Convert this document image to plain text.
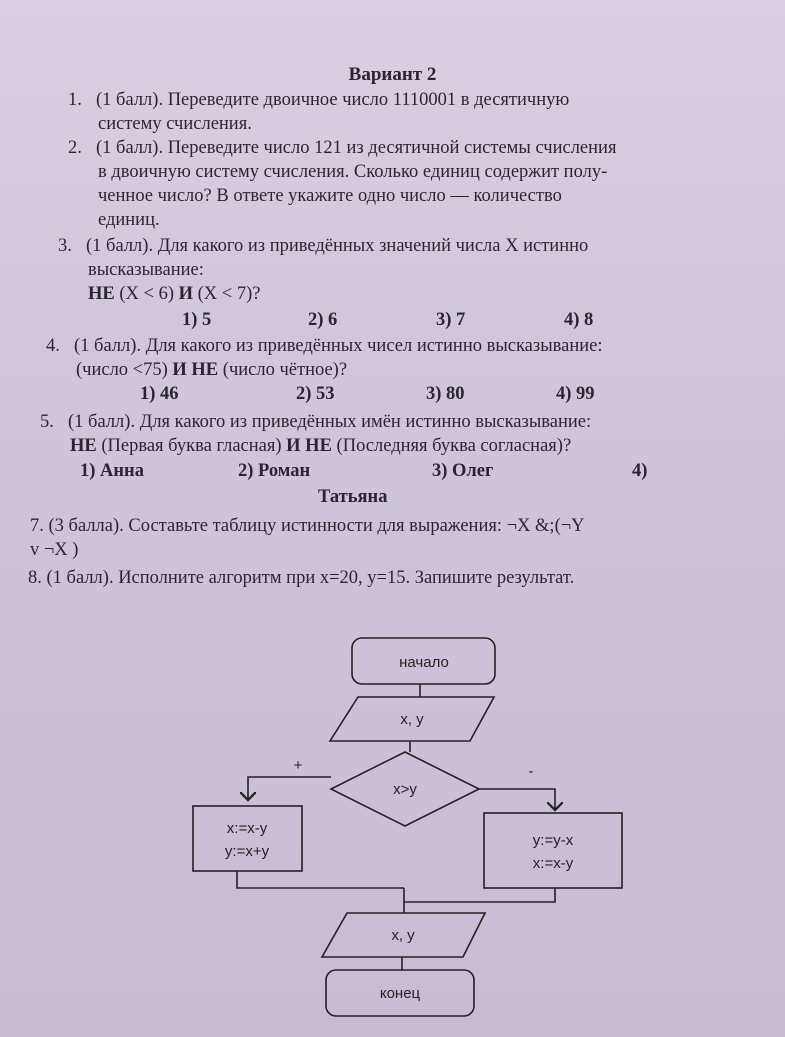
Вариант 2
1. (1 балл). Переведите двоичное число 1110001 в десятичную
систему счисления.
2. (1 балл). Переведите число 121 из десятичной системы счисления
в двоичную систему счисления. Сколько единиц содержит полу-
ченное число? В ответе укажите одно число — количество
единиц.
3. (1 балл). Для какого из приведённых значений числа X истинно
высказывание:
НЕ (X < 6) И (X < 7)?
1) 5	2) 6	3) 7	4) 8
4. (1 балл). Для какого из приведённых чисел истинно высказывание:
(число <75) И НЕ (число чётное)?
1) 46	2) 53	3) 80	4) 99
5. (1 балл). Для какого из приведённых имён истинно высказывание:
НЕ (Первая буква гласная) И НЕ (Последняя буква согласная)?
1) Анна	2) Роман	3) Олег	4)
Татьяна
7. (3 балла). Составьте таблицу истинности для выражения: ¬X &;(¬Y
v ¬X )
8. (1 балл). Исполните алгоритм при x=20, y=15. Запишите результат.
начало
x, y
x>y
+	-
x:=x-y
y:=x+y
y:=y-x
x:=x-y
x, y
конец
